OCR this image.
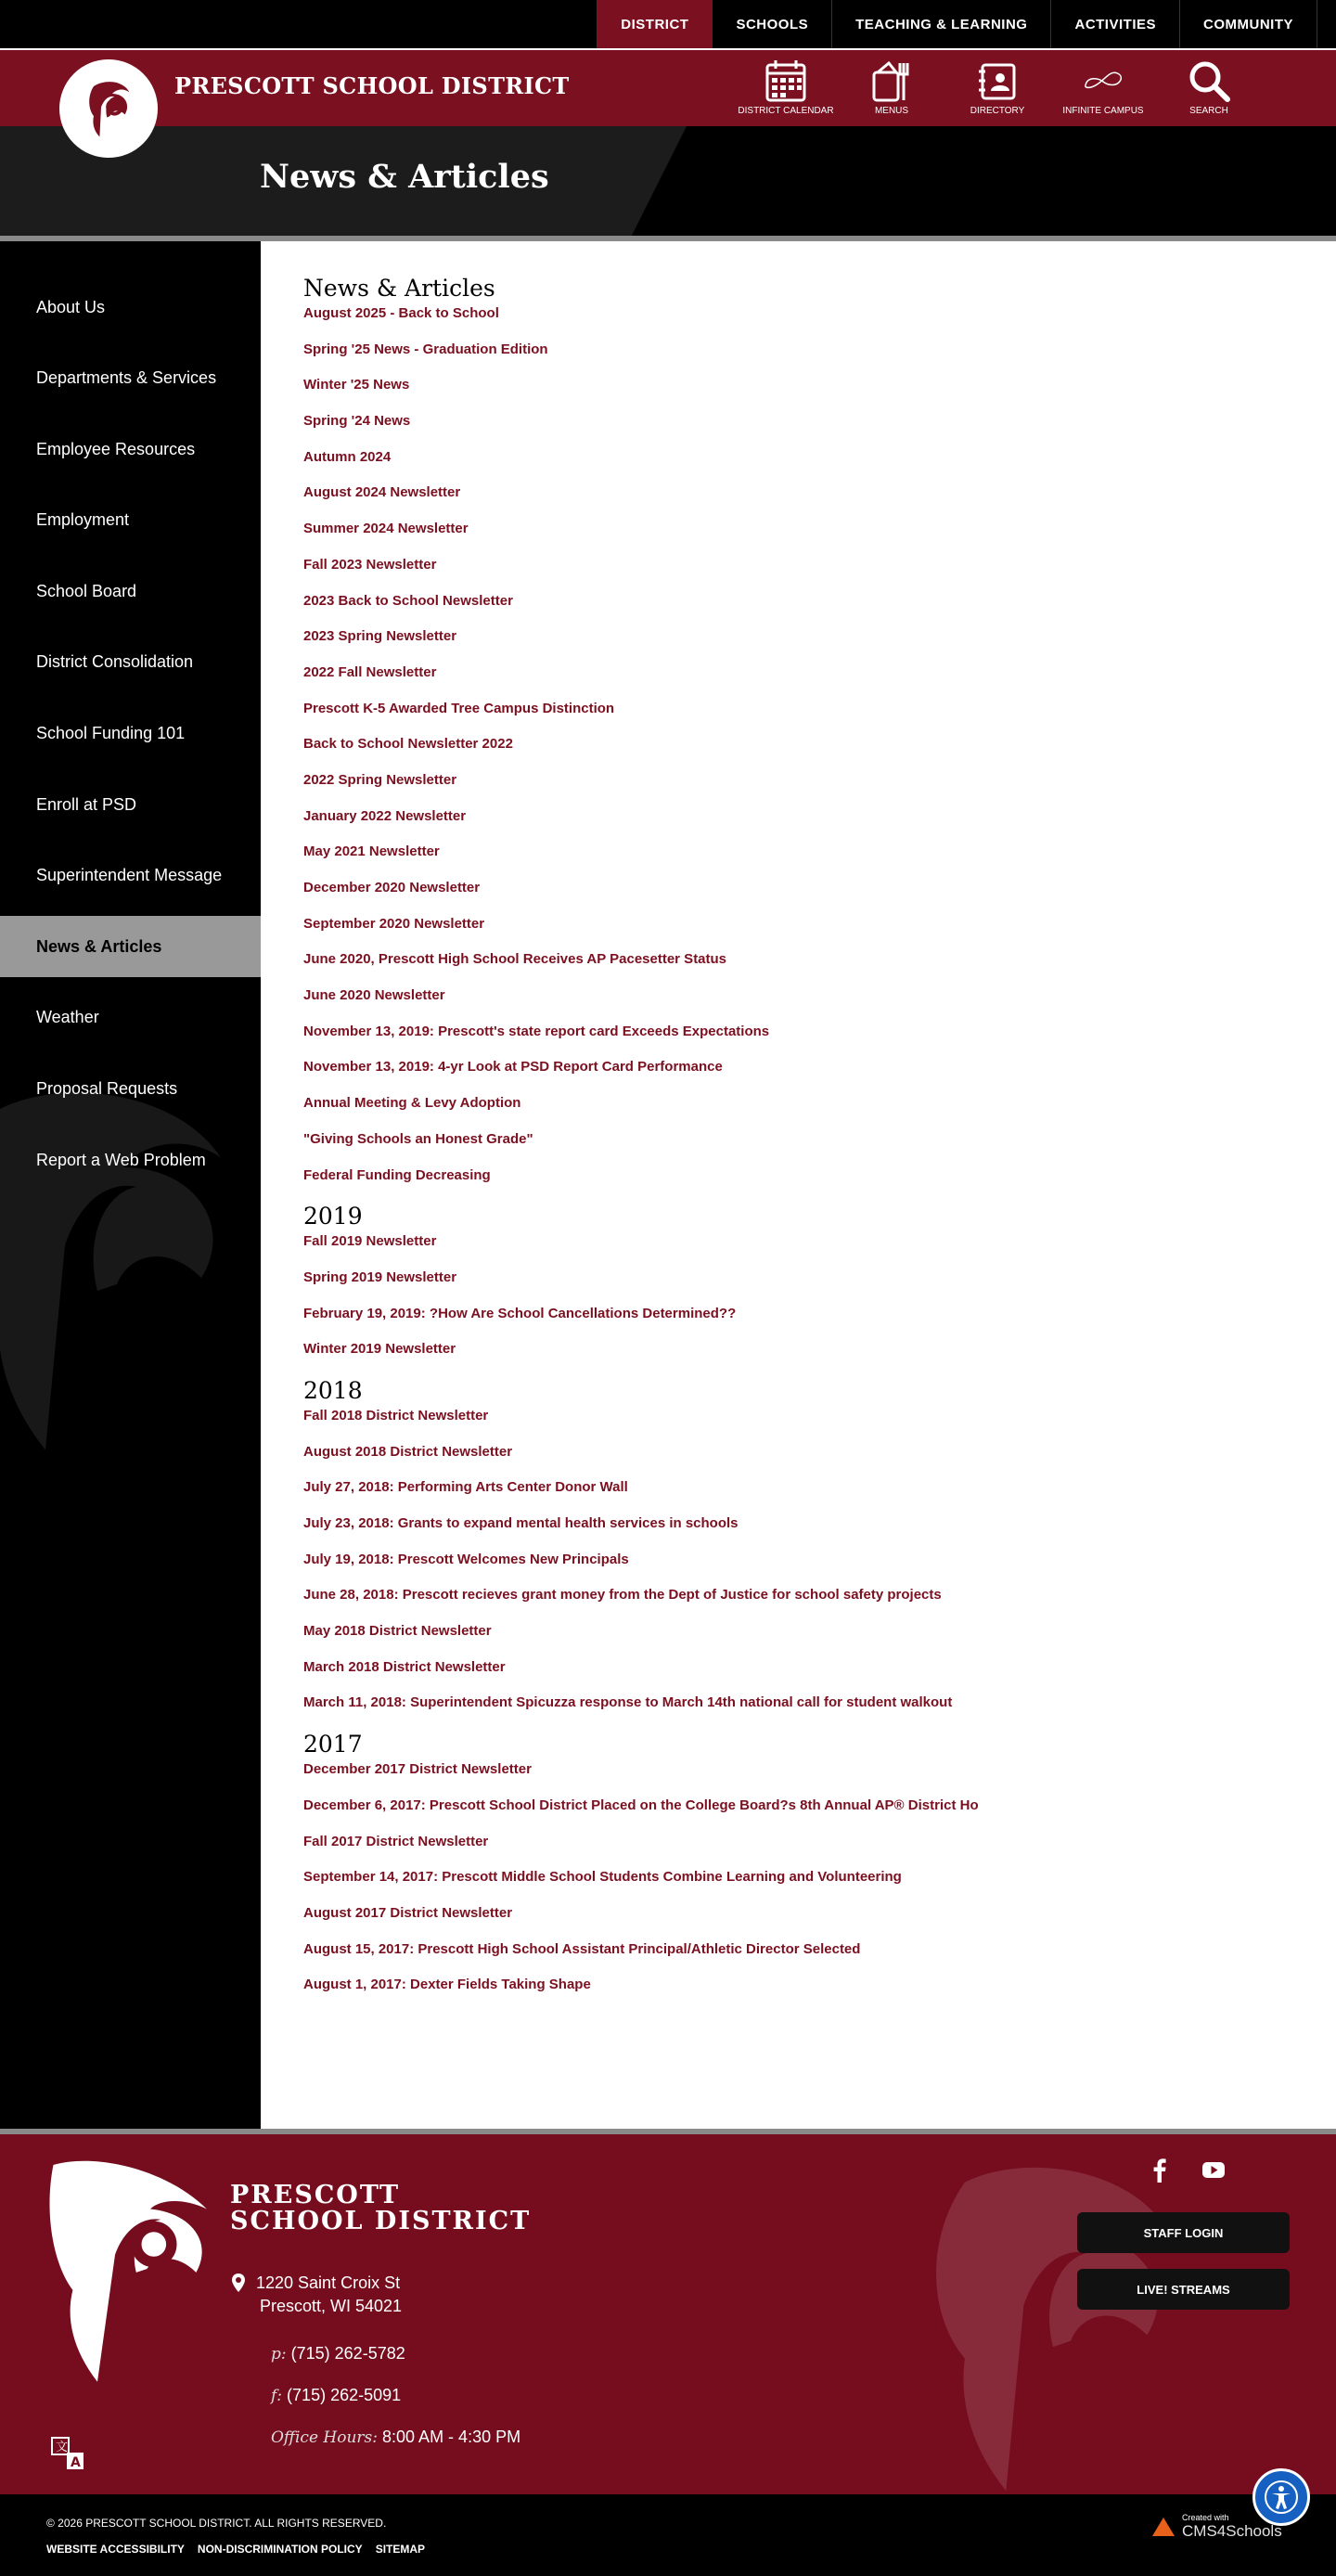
DISTRICT	SCHOOLS	TEACHING & LEARNING	ACTIVITIES	COMMUNITY
PRESCOTT SCHOOL DISTRICT
DISTRICT CALENDAR	MENUS	DIRECTORY	INFINITE CAMPUS	SEARCH
News & Articles
About Us
Departments & Services
Employee Resources
Employment
School Board
District Consolidation
School Funding 101
Enroll at PSD
Superintendent Message
News & Articles
Weather
Proposal Requests
Report a Web Problem
News & Articles
August 2025 - Back to School
Spring '25 News - Graduation Edition
Winter '25 News
Spring '24 News
Autumn 2024
August 2024 Newsletter
Summer 2024 Newsletter
Fall 2023 Newsletter
2023 Back to School Newsletter
2023 Spring Newsletter
2022 Fall Newsletter
Prescott K-5 Awarded Tree Campus Distinction
Back to School Newsletter 2022
2022 Spring Newsletter
January 2022 Newsletter
May 2021 Newsletter
December 2020 Newsletter
September 2020 Newsletter
June 2020, Prescott High School Receives AP Pacesetter Status
June 2020 Newsletter
November 13, 2019: Prescott's state report card Exceeds Expectations
November 13, 2019: 4-yr Look at PSD Report Card Performance
Annual Meeting & Levy Adoption
"Giving Schools an Honest Grade"
Federal Funding Decreasing
2019
Fall 2019 Newsletter
Spring 2019 Newsletter
February 19, 2019: ?How Are School Cancellations Determined??
Winter 2019 Newsletter
2018
Fall 2018 District Newsletter
August 2018 District Newsletter
July 27, 2018: Performing Arts Center Donor Wall
July 23, 2018: Grants to expand mental health services in schools
July 19, 2018: Prescott Welcomes New Principals
June 28, 2018: Prescott recieves grant money from the Dept of Justice for school safety projects
May 2018 District Newsletter
March 2018 District Newsletter
March 11, 2018: Superintendent Spicuzza response to March 14th national call for student walkout
2017
December 2017 District Newsletter
December 6, 2017: Prescott School District Placed on the College Board?s 8th Annual AP® District Ho
Fall 2017 District Newsletter
September 14, 2017: Prescott Middle School Students Combine Learning and Volunteering
August 2017 District Newsletter
August 15, 2017: Prescott High School Assistant Principal/Athletic Director Selected
August 1, 2017: Dexter Fields Taking Shape
PRESCOTT
SCHOOL DISTRICT
1220 Saint Croix St
Prescott, WI 54021
p: (715) 262-5782
f: (715) 262-5091
Office Hours: 8:00 AM - 4:30 PM
STAFF LOGIN
LIVE! STREAMS
文
A
© 2026 PRESCOTT SCHOOL DISTRICT. ALL RIGHTS RESERVED.
WEBSITE ACCESSIBILITY NON-DISCRIMINATION POLICY SITEMAP
Created with
CMS4Schools
